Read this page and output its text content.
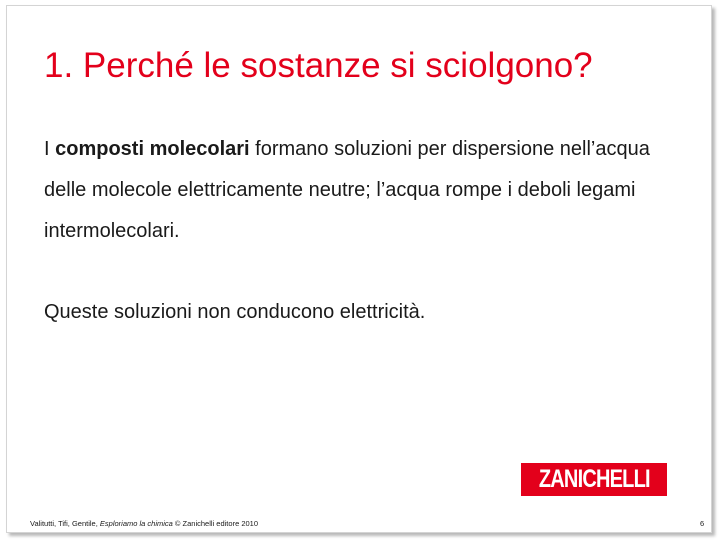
1. Perché le sostanze si sciolgono?

I composti molecolari formano soluzioni per dispersione nell’acqua delle molecole elettricamente neutre; l’acqua rompe i deboli legami intermolecolari.

Queste soluzioni non conducono elettricità.

ZANICHELLI
Valitutti, Tifi, Gentile, Esploriamo la chimica © Zanichelli editore 2010	6
